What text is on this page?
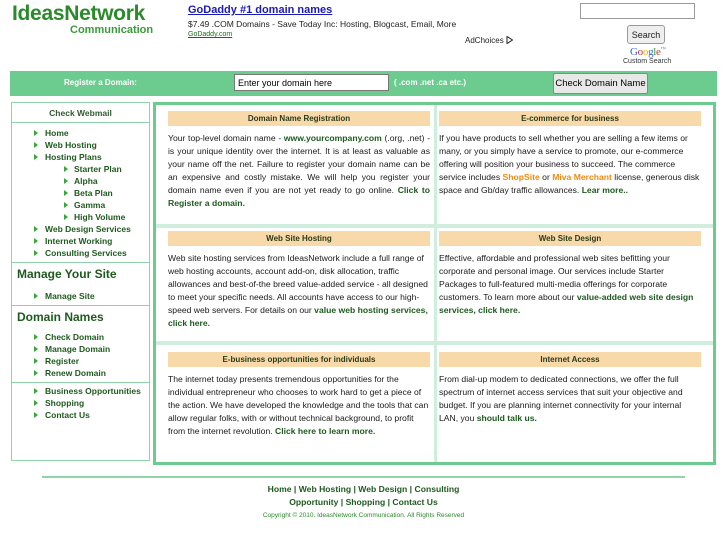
IdeasNetwork
Communication
GoDaddy #1 domain names
$7.49 .COM Domains - Save Today Inc: Hosting, Blogcast, Email, More
GoDaddy.com
AdChoices
Search
Google™
Custom Search
Register a Domain:	Enter your domain here	( .com .net .ca etc.)	Check Domain Name
Check Webmail
Home
Web Hosting
Hosting Plans
Starter Plan
Alpha
Beta Plan
Gamma
High Volume
Web Design Services
Internet Working
Consulting Services
Manage Your Site
Manage Site
Domain Names
Check Domain
Manage Domain
Register
Renew Domain
Business Opportunities
Shopping
Contact Us
Domain Name Registration
Your top-level domain name - www.yourcompany.com (.org, .net) - is your unique identity over the internet. It is at least as valuable as your name off the net. Failure to register your domain name can be an expensive and costly mistake. We will help you register your domain name even if you are not yet ready to go online. Click to Register a domain.
E-commerce for business
If you have products to sell whether you are selling a few items or many, or you simply have a service to promote, our e-commerce offering will position your business to succeed. The commerce service includes ShopSite or Miva Merchant license, generous disk space and Gb/day traffic allowances. Lear more..
Web Site Hosting
Web site hosting services from IdeasNetwork include a full range of web hosting accounts, account add-on, disk allocation, traffic allowances and best-of-the breed value-added service - all designed to meet your specific needs. All accounts have access to our high-speed web servers. For details on our value web hosting services, click here.
Web Site Design
Effective, affordable and professional web sites befitting your corporate and personal image. Our services include Starter Packages to full-featured multi-media offerings for corporate customers. To learn more about our value-added web site design services, click here.
E-business opportunities for individuals
The internet today presents tremendous opportunities for the individual entrepreneur who chooses to work hard to get a piece of the action. We have developed the knowledge and the tools that can allow regular folks, with or without technical background, to profit from the internet revolution. Click here to learn more.
Internet Access
From dial-up modem to dedicated connections, we offer the full spectrum of internet access services that suit your objective and budget. If you are planning internet connectivity for your internal LAN, you should talk us.
Home | Web Hosting | Web Design | Consulting
Opportunity | Shopping | Contact Us
Copyright © 2010. IdeasNetwork Communication. All Rights Reserved
